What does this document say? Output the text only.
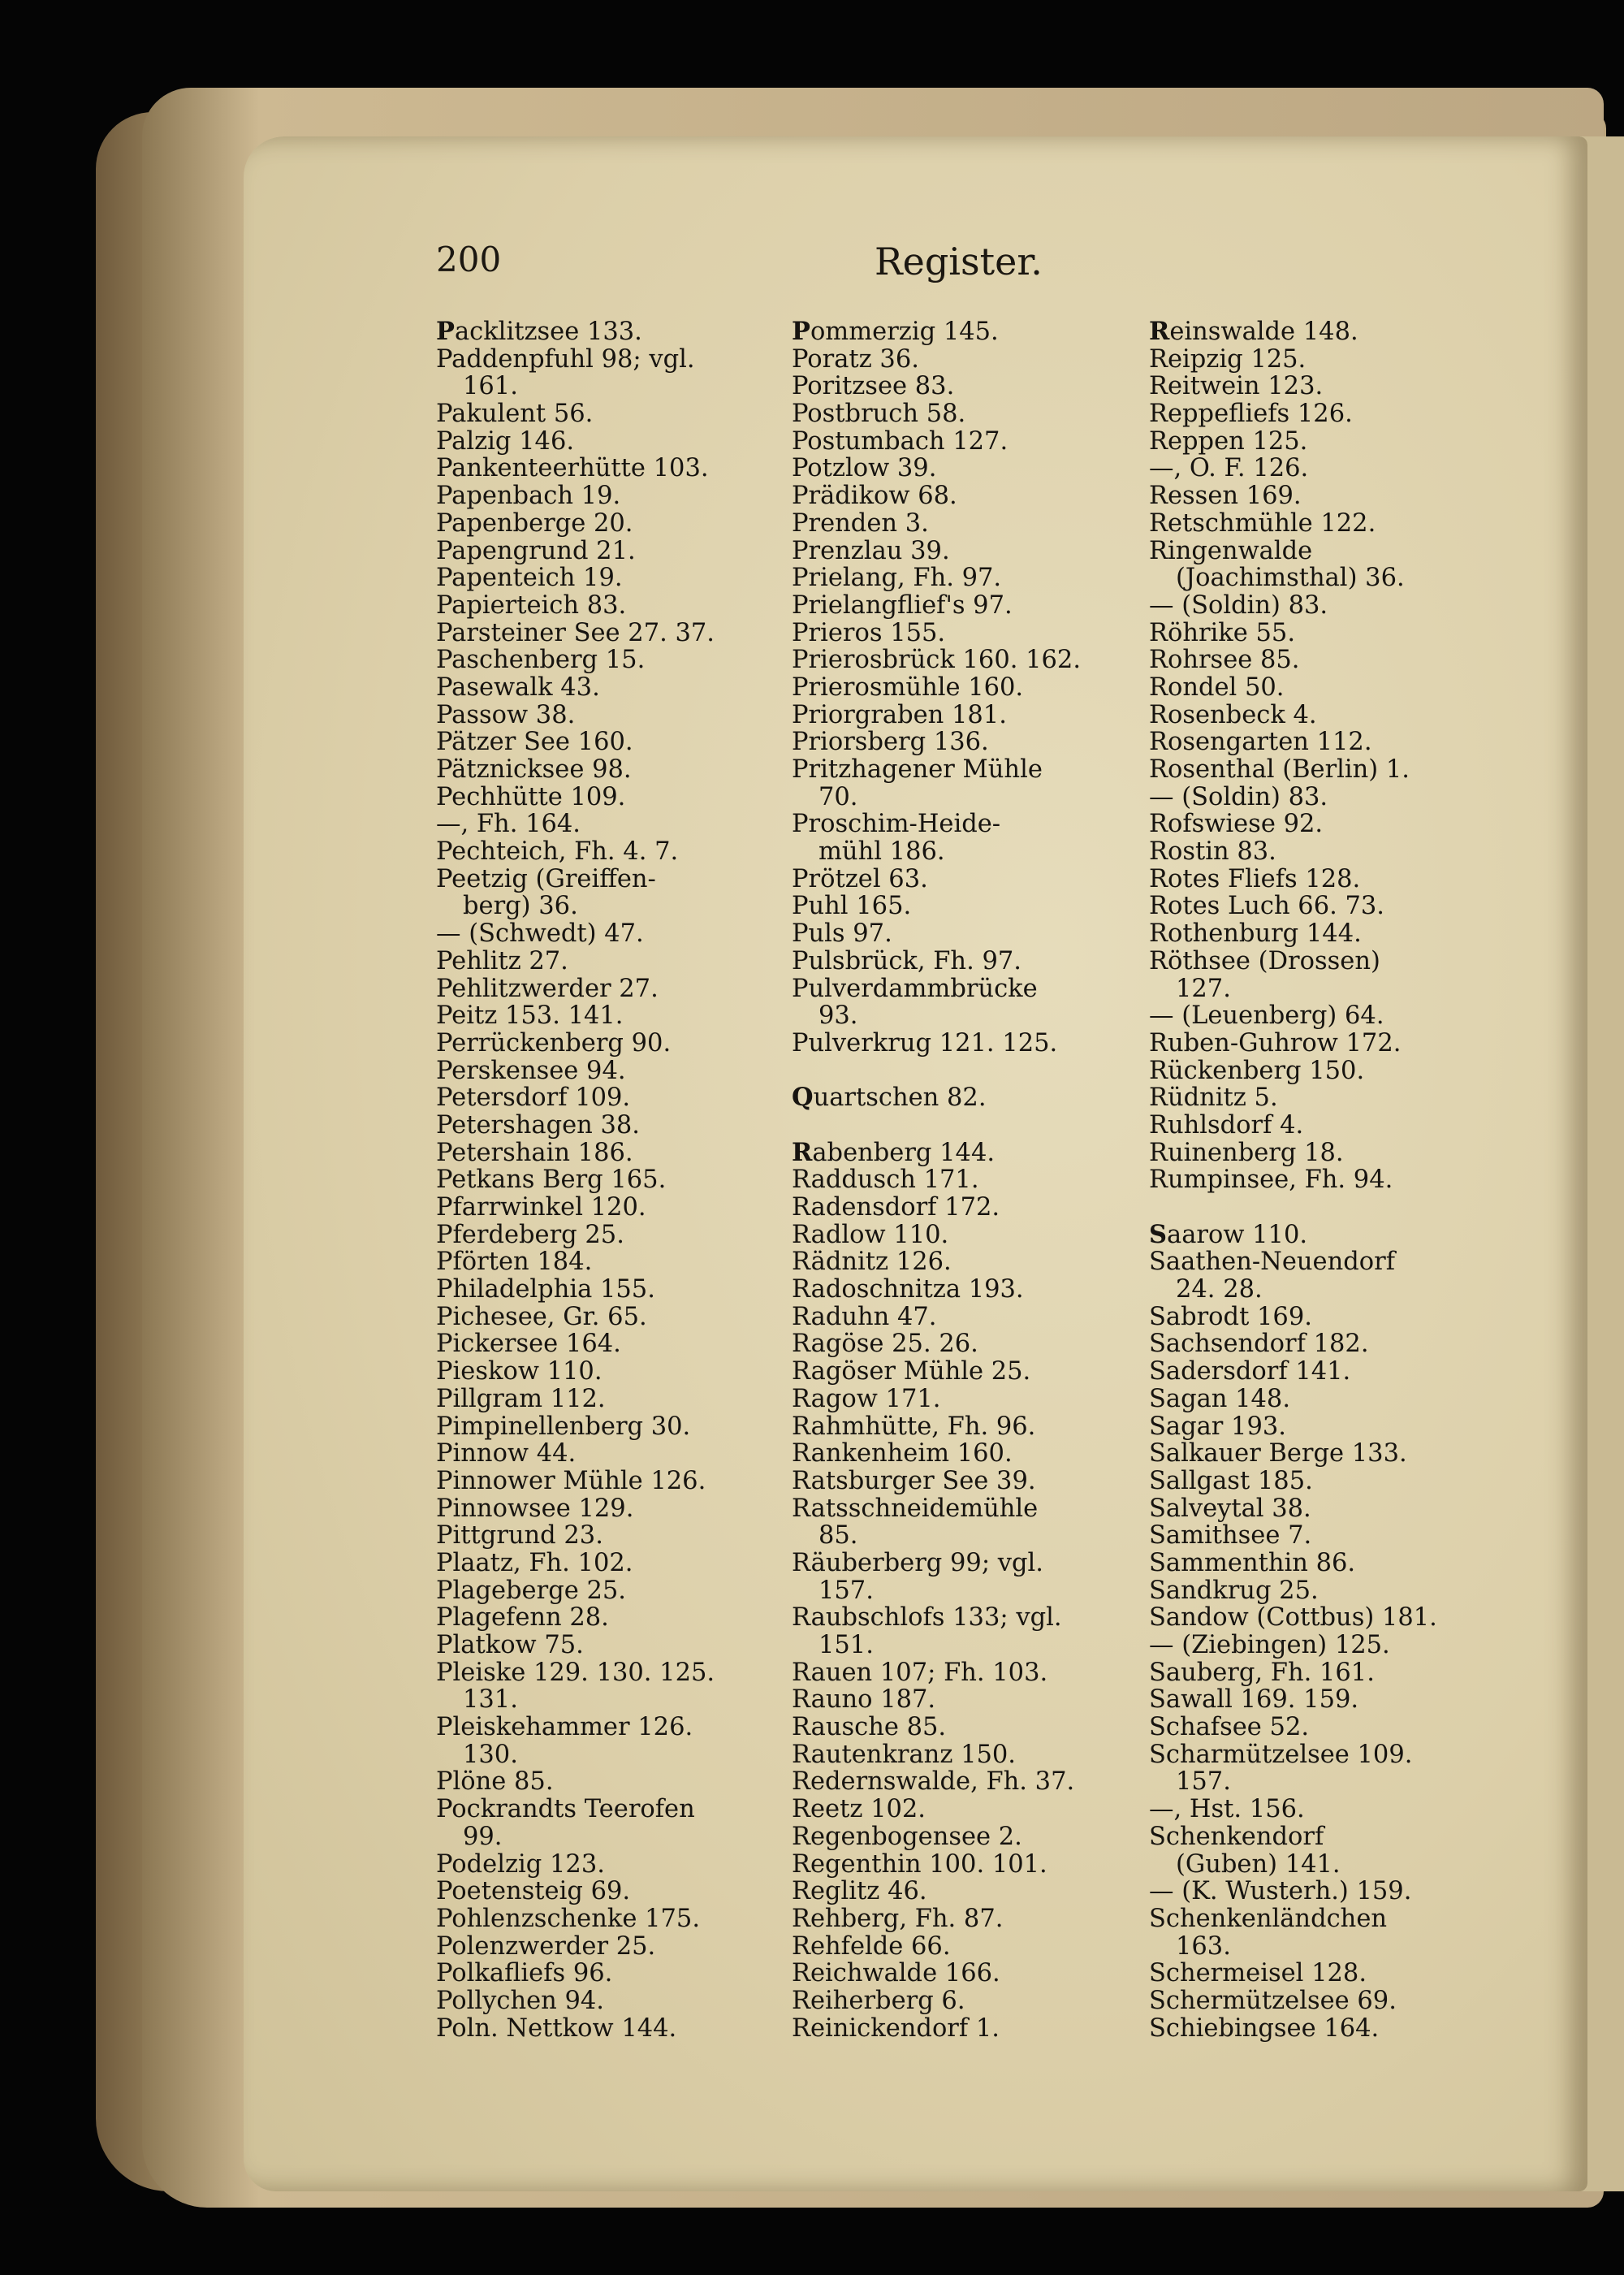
200	Register.
Packlitzsee 133.
Paddenpfuhl 98; vgl.
161.
Pakulent 56.
Palzig 146.
Pankenteerhütte 103.
Papenbach 19.
Papenberge 20.
Papengrund 21.
Papenteich 19.
Papierteich 83.
Parsteiner See 27. 37.
Paschenberg 15.
Pasewalk 43.
Passow 38.
Pätzer See 160.
Pätznicksee 98.
Pechhütte 109.
—, Fh. 164.
Pechteich, Fh. 4. 7.
Peetzig (Greiffen-
berg) 36.
— (Schwedt) 47.
Pehlitz 27.
Pehlitzwerder 27.
Peitz 153. 141.
Perrückenberg 90.
Perskensee 94.
Petersdorf 109.
Petershagen 38.
Petershain 186.
Petkans Berg 165.
Pfarrwinkel 120.
Pferdeberg 25.
Pförten 184.
Philadelphia 155.
Pichesee, Gr. 65.
Pickersee 164.
Pieskow 110.
Pillgram 112.
Pimpinellenberg 30.
Pinnow 44.
Pinnower Mühle 126.
Pinnowsee 129.
Pittgrund 23.
Plaatz, Fh. 102.
Plageberge 25.
Plagefenn 28.
Platkow 75.
Pleiske 129. 130. 125.
131.
Pleiskehammer 126.
130.
Plöne 85.
Pockrandts Teerofen
99.
Podelzig 123.
Poetensteig 69.
Pohlenzschenke 175.
Polenzwerder 25.
Polkafliefs 96.
Pollychen 94.
Poln. Nettkow 144.
Pommerzig 145.
Poratz 36.
Poritzsee 83.
Postbruch 58.
Postumbach 127.
Potzlow 39.
Prädikow 68.
Prenden 3.
Prenzlau 39.
Prielang, Fh. 97.
Prielangflief's 97.
Prieros 155.
Prierosbrück 160. 162.
Prierosmühle 160.
Priorgraben 181.
Priorsberg 136.
Pritzhagener Mühle
70.
Proschim-Heide-
mühl 186.
Prötzel 63.
Puhl 165.
Puls 97.
Pulsbrück, Fh. 97.
Pulverdammbrücke
93.
Pulverkrug 121. 125.
Quartschen 82.
Rabenberg 144.
Raddusch 171.
Radensdorf 172.
Radlow 110.
Rädnitz 126.
Radoschnitza 193.
Raduhn 47.
Ragöse 25. 26.
Ragöser Mühle 25.
Ragow 171.
Rahmhütte, Fh. 96.
Rankenheim 160.
Ratsburger See 39.
Ratsschneidemühle
85.
Räuberberg 99; vgl.
157.
Raubschlofs 133; vgl.
151.
Rauen 107; Fh. 103.
Rauno 187.
Rausche 85.
Rautenkranz 150.
Redernswalde, Fh. 37.
Reetz 102.
Regenbogensee 2.
Regenthin 100. 101.
Reglitz 46.
Rehberg, Fh. 87.
Rehfelde 66.
Reichwalde 166.
Reiherberg 6.
Reinickendorf 1.
Reinswalde 148.
Reipzig 125.
Reitwein 123.
Reppefliefs 126.
Reppen 125.
—, O. F. 126.
Ressen 169.
Retschmühle 122.
Ringenwalde
(Joachimsthal) 36.
— (Soldin) 83.
Röhrike 55.
Rohrsee 85.
Rondel 50.
Rosenbeck 4.
Rosengarten 112.
Rosenthal (Berlin) 1.
— (Soldin) 83.
Rofswiese 92.
Rostin 83.
Rotes Fliefs 128.
Rotes Luch 66. 73.
Rothenburg 144.
Röthsee (Drossen)
127.
— (Leuenberg) 64.
Ruben-Guhrow 172.
Rückenberg 150.
Rüdnitz 5.
Ruhlsdorf 4.
Ruinenberg 18.
Rumpinsee, Fh. 94.
Saarow 110.
Saathen-Neuendorf
24. 28.
Sabrodt 169.
Sachsendorf 182.
Sadersdorf 141.
Sagan 148.
Sagar 193.
Salkauer Berge 133.
Sallgast 185.
Salveytal 38.
Samithsee 7.
Sammenthin 86.
Sandkrug 25.
Sandow (Cottbus) 181.
— (Ziebingen) 125.
Sauberg, Fh. 161.
Sawall 169. 159.
Schafsee 52.
Scharmützelsee 109.
157.
—, Hst. 156.
Schenkendorf
(Guben) 141.
— (K. Wusterh.) 159.
Schenkenländchen
163.
Schermeisel 128.
Schermützelsee 69.
Schiebingsee 164.
